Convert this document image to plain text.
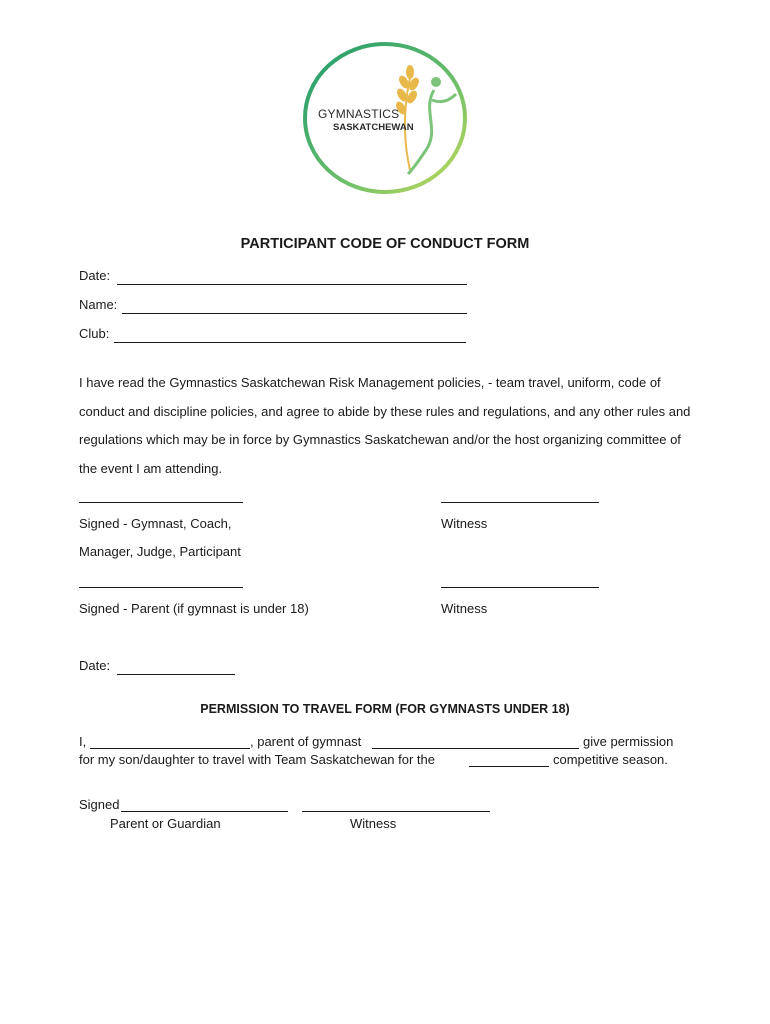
GYMNASTICS
SASKATCHEWAN
PARTICIPANT CODE OF CONDUCT FORM
Date:
Name:
Club:
I have read the Gymnastics Saskatchewan Risk Management policies, - team travel, uniform, code of conduct and discipline policies, and agree to abide by these rules and regulations, and any other rules and regulations which may be in force by Gymnastics Saskatchewan and/or the host organizing committee of the event I am attending.
Signed - Gymnast, Coach,	Witness
Manager, Judge, Participant
Signed - Parent (if gymnast is under 18)	Witness
Date:
PERMISSION TO TRAVEL FORM (FOR GYMNASTS UNDER 18)
I,	, parent of gymnast	give permission
for my son/daughter to travel with Team Saskatchewan for the	competitive season.
Signed
Parent or Guardian	Witness
